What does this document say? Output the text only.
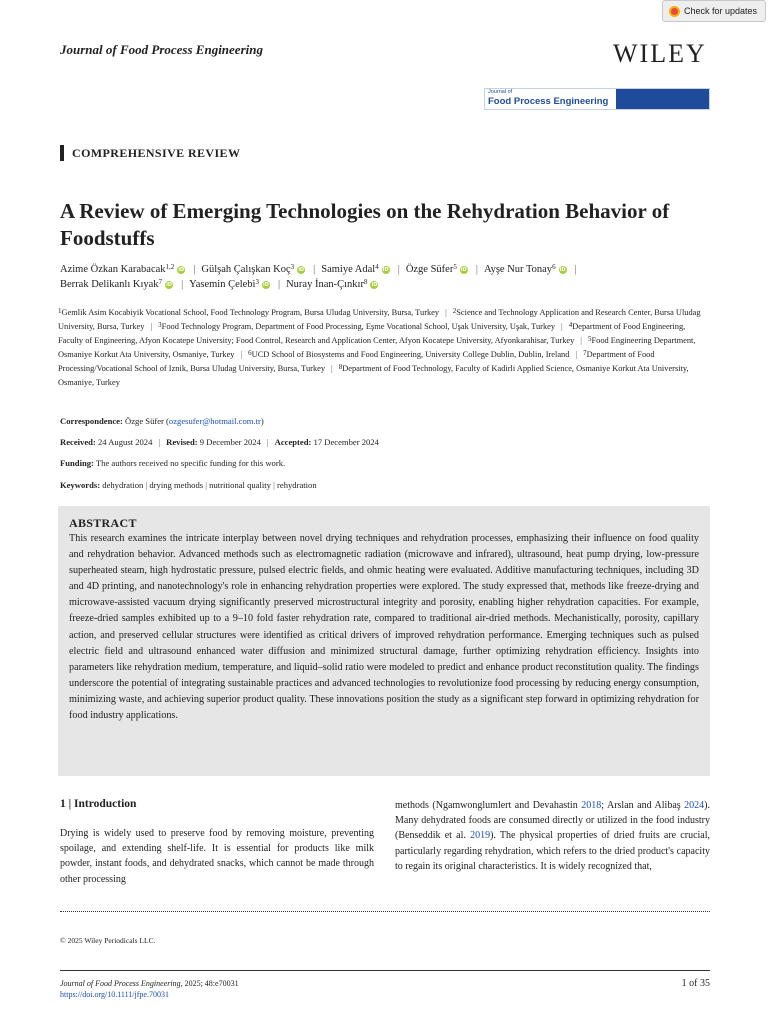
Check for updates
Journal of Food Process Engineering	WILEY
Journal of
Food Process Engineering
COMPREHENSIVE REVIEW
A Review of Emerging Technologies on the Rehydration Behavior of Foodstuffs
Azime Özkan Karabacak$^{1,2}$ iD | Gülşah Çalışkan Koç$^3$ iD | Samiye Adal$^4$ iD | Özge Süfer$^5$ iD | Ayşe Nur Tonay$^6$ iD |
Berrak Delikanlı Kıyak$^7$ iD | Yasemin Çelebi$^3$ iD | Nuray İnan-Çınkır$^8$ iD
$^1$Gemlik Asim Kocabiyik Vocational School, Food Technology Program, Bursa Uludag University, Bursa, Turkey | $^2$Science and Technology Application and Research Center, Bursa Uludag University, Bursa, Turkey | $^3$Food Technology Program, Department of Food Processing, Eşme Vocational School, Uşak University, Uşak, Turkey | $^4$Department of Food Engineering, Faculty of Engineering, Afyon Kocatepe University; Food Control, Research and Application Center, Afyon Kocatepe University, Afyonkarahisar, Turkey | $^5$Food Engineering Department, Osmaniye Korkut Ata University, Osmaniye, Turkey | $^6$UCD School of Biosystems and Food Engineering, University College Dublin, Dublin, Ireland | $^7$Department of Food Processing/Vocational School of Iznik, Bursa Uludag University, Bursa, Turkey | $^8$Department of Food Technology, Faculty of Kadirli Applied Science, Osmaniye Korkut Ata University, Osmaniye, Turkey
Correspondence: Özge Süfer (ozgesufer@hotmail.com.tr)
Received: 24 August 2024 | Revised: 9 December 2024 | Accepted: 17 December 2024
Funding: The authors received no specific funding for this work.
Keywords: dehydration | drying methods | nutritional quality | rehydration
ABSTRACT
This research examines the intricate interplay between novel drying techniques and rehydration processes, emphasizing their influence on food quality and rehydration behavior. Advanced methods such as electromagnetic radiation (microwave and infrared), ultrasound, heat pump drying, low-pressure superheated steam, high hydrostatic pressure, pulsed electric fields, and ohmic heating were evaluated. Additive manufacturing techniques, including 3D and 4D printing, and nanotechnology's role in enhancing rehydration properties were explored. The study expressed that, methods like freeze-drying and microwave-assisted vacuum drying significantly preserved microstructural integrity and porosity, enabling higher rehydration capacities. For example, freeze-dried samples exhibited up to a 9–10 fold faster rehydration rate, compared to traditional air-dried methods. Mechanistically, porosity, capillary action, and preserved cellular structures were identified as critical drivers of improved rehydration performance. Emerging techniques such as pulsed electric field and ultrasound enhanced water diffusion and minimized structural damage, further optimizing rehydration efficiency. Insights into parameters like rehydration medium, temperature, and liquid–solid ratio were modeled to predict and enhance product reconstitution quality. The findings underscore the potential of integrating sustainable practices and advanced technologies to revolutionize food processing by reducing energy consumption, minimizing waste, and achieving superior product quality. These innovations position the study as a significant step forward in optimizing rehydration for food industry applications.
1 | Introduction
Drying is widely used to preserve food by removing moisture, preventing spoilage, and extending shelf-life. It is essential for products like milk powder, instant foods, and dehydrated snacks, which cannot be made through other processing
methods (Ngamwonglumlert and Devahastin 2018; Arslan and Alibaş 2024). Many dehydrated foods are consumed directly or utilized in the food industry (Benseddik et al. 2019). The physical properties of dried fruits are crucial, particularly regarding rehydration, which refers to the dried product's capacity to regain its original characteristics. It is widely recognized that,
© 2025 Wiley Periodicals LLC.
Journal of Food Process Engineering, 2025; 48:e70031
https://doi.org/10.1111/jfpe.70031
1 of 35
